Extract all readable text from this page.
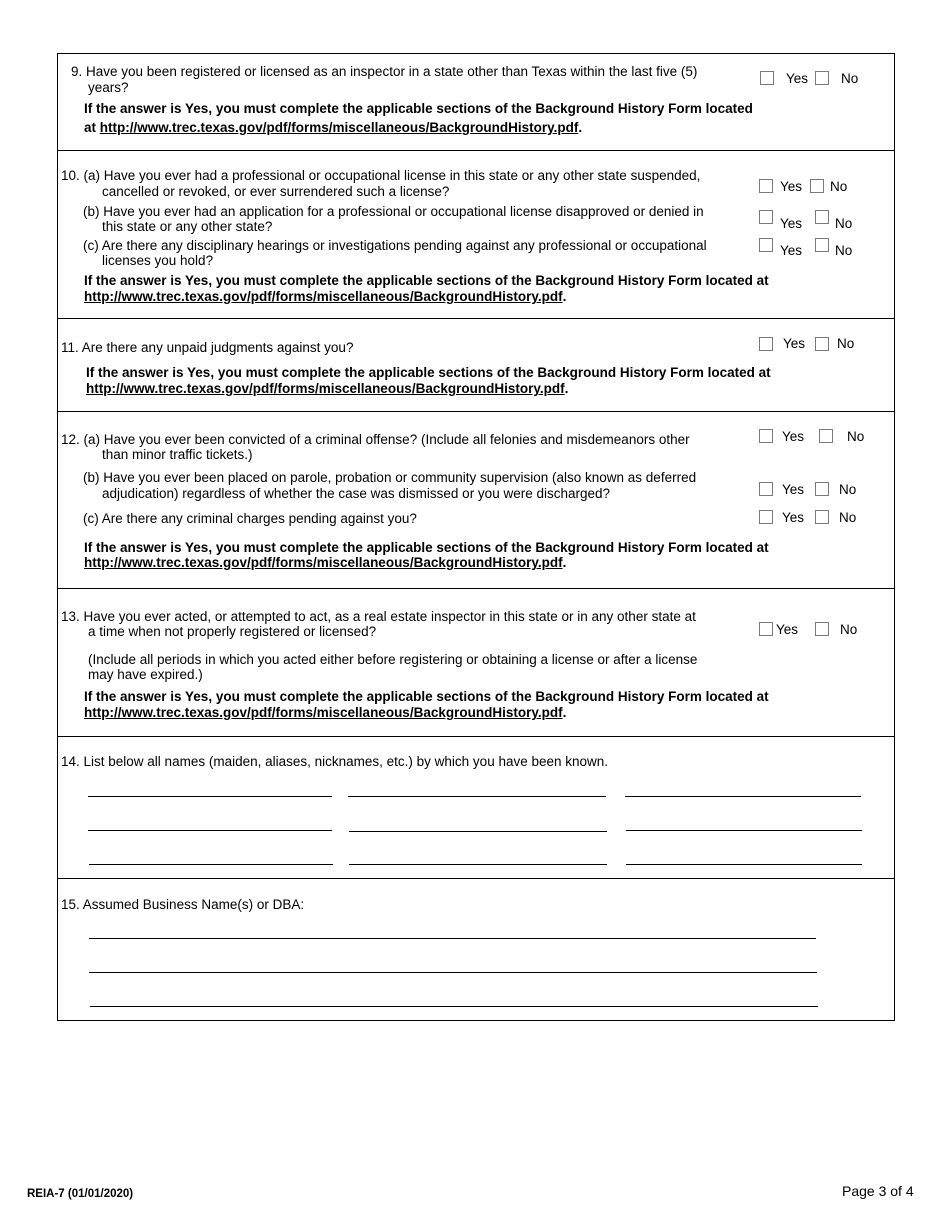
9. Have you been registered or licensed as an inspector in a state other than Texas within the last five (5)
years?
Yes No
If the answer is Yes, you must complete the applicable sections of the Background History Form located
at http://www.trec.texas.gov/pdf/forms/miscellaneous/BackgroundHistory.pdf.
10. (a) Have you ever had a professional or occupational license in this state or any other state suspended,
cancelled or revoked, or ever surrendered such a license?	Yes No
(b) Have you ever had an application for a professional or occupational license disapproved or denied in
this state or any other state?	Yes No
(c) Are there any disciplinary hearings or investigations pending against any professional or occupational
licenses you hold?
Yes No
If the answer is Yes, you must complete the applicable sections of the Background History Form located at
http://www.trec.texas.gov/pdf/forms/miscellaneous/BackgroundHistory.pdf.
11. Are there any unpaid judgments against you?	Yes No
If the answer is Yes, you must complete the applicable sections of the Background History Form located at
http://www.trec.texas.gov/pdf/forms/miscellaneous/BackgroundHistory.pdf.
12. (a) Have you ever been convicted of a criminal offense? (Include all felonies and misdemeanors other
than minor traffic tickets.)
Yes	No
(b) Have you ever been placed on parole, probation or community supervision (also known as deferred
adjudication) regardless of whether the case was dismissed or you were discharged?	Yes	No
(c) Are there any criminal charges pending against you?	Yes	No
If the answer is Yes, you must complete the applicable sections of the Background History Form located at
http://www.trec.texas.gov/pdf/forms/miscellaneous/BackgroundHistory.pdf.
13. Have you ever acted, or attempted to act, as a real estate inspector in this state or in any other state at
a time when not properly registered or licensed?	Yes	No
(Include all periods in which you acted either before registering or obtaining a license or after a license
may have expired.)
If the answer is Yes, you must complete the applicable sections of the Background History Form located at
http://www.trec.texas.gov/pdf/forms/miscellaneous/BackgroundHistory.pdf.
14. List below all names (maiden, aliases, nicknames, etc.) by which you have been known.
15. Assumed Business Name(s) or DBA:
REIA-7 (01/01/2020)	Page 3 of 4
